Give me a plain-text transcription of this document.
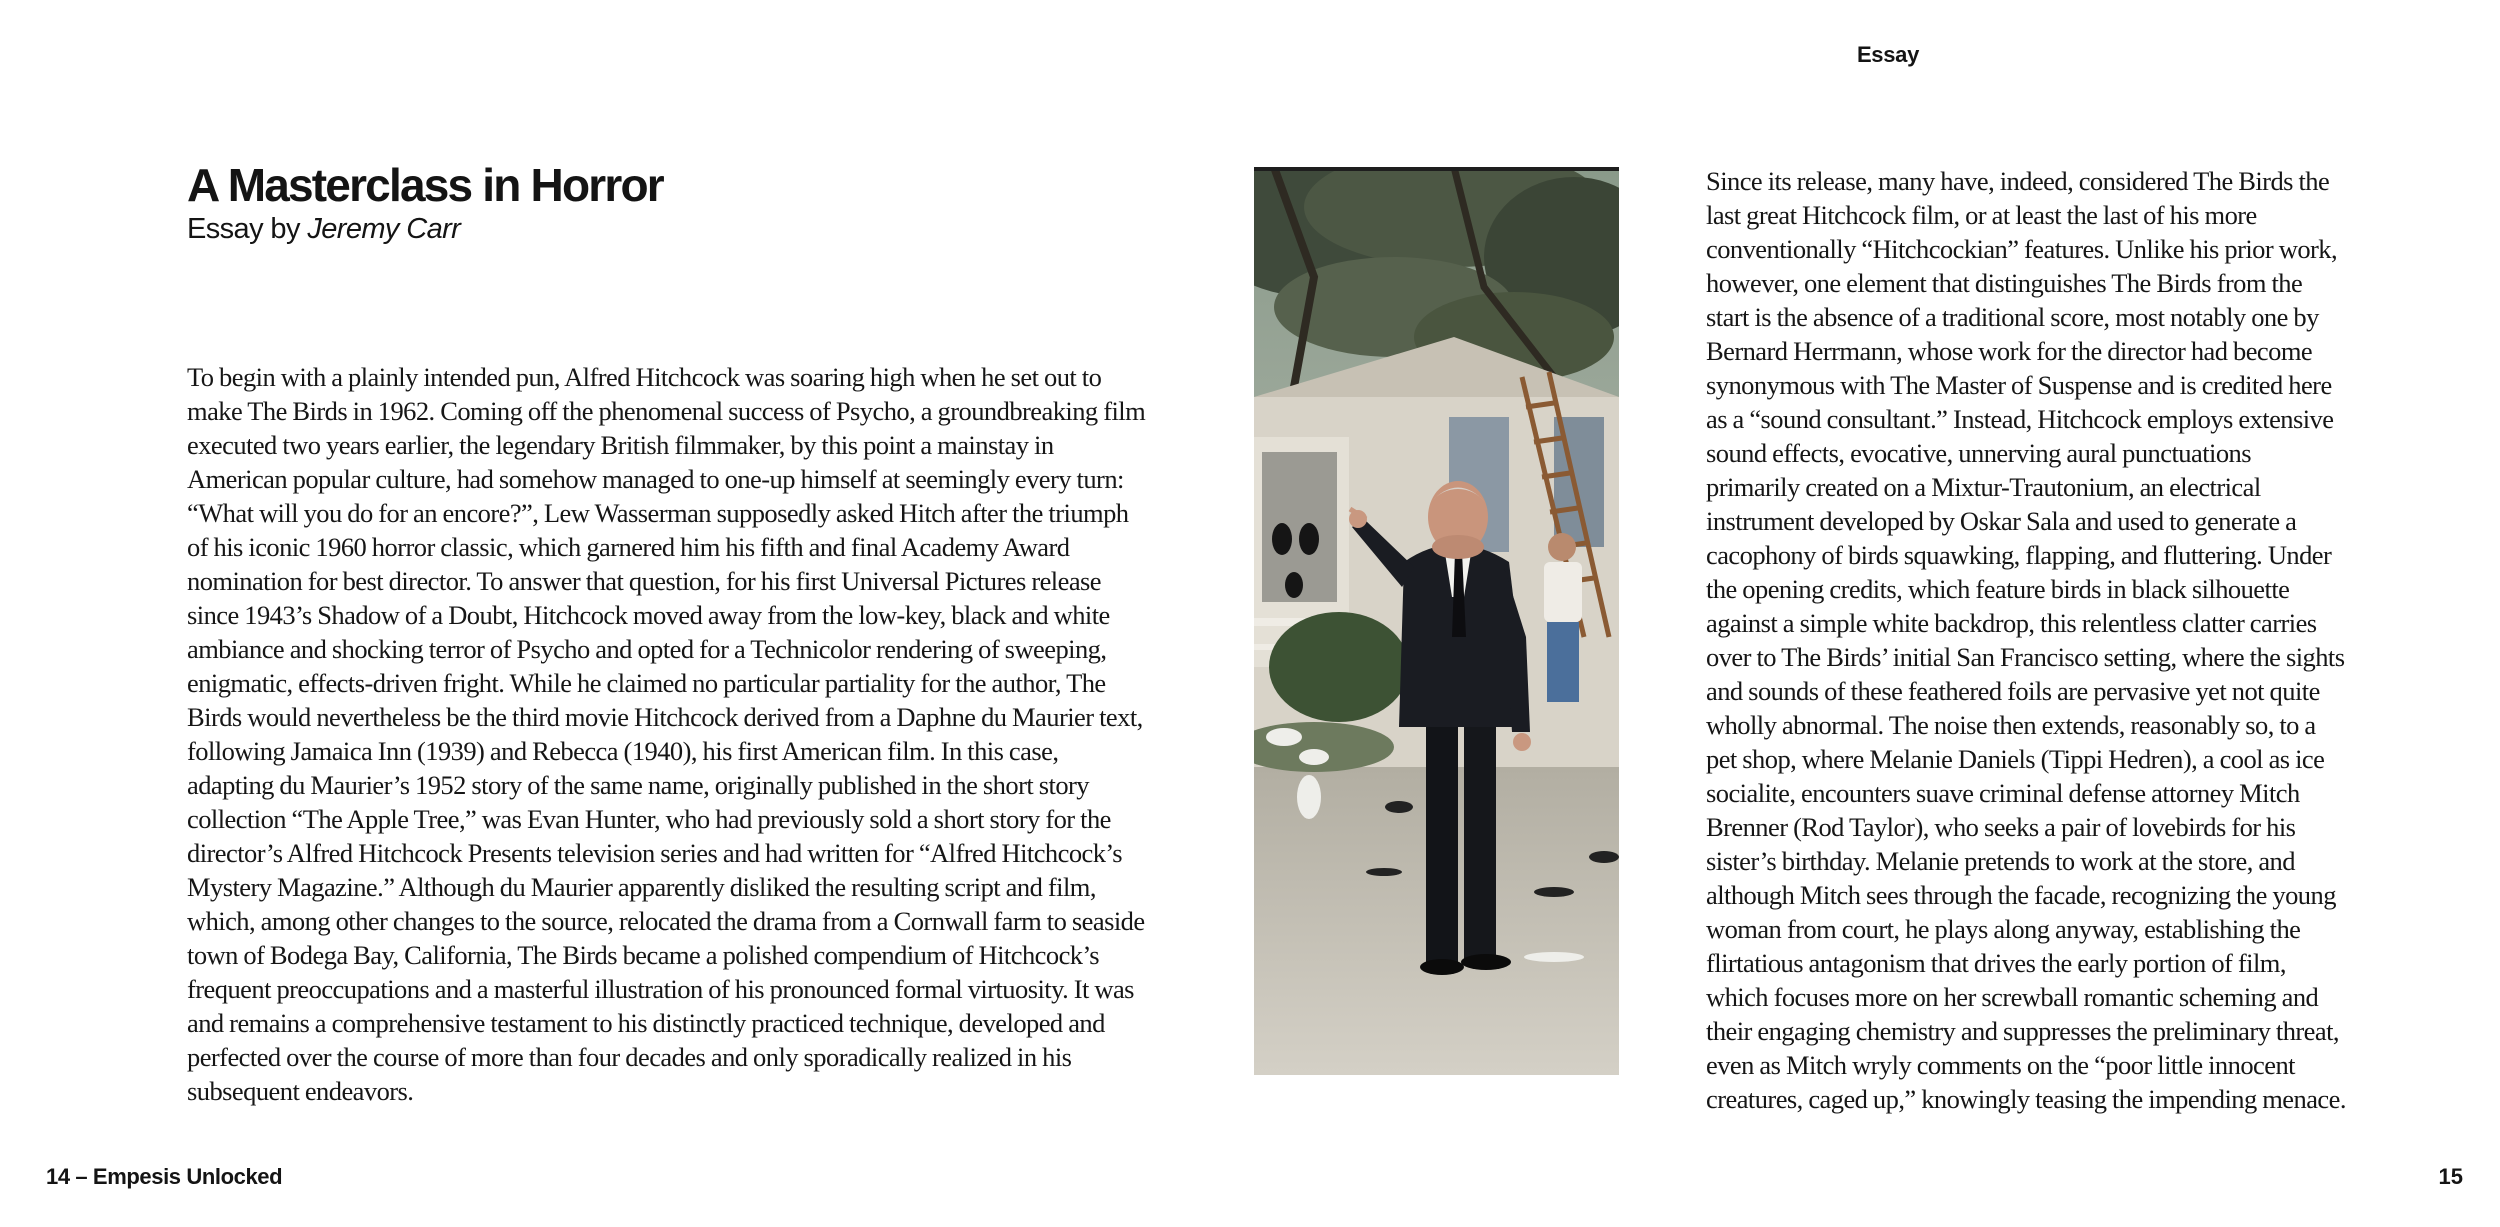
Essay
A Masterclass in Horror

Essay by Jeremy Carr

To begin with a plainly intended pun, Alfred Hitchcock was soaring high when he set out to make The Birds in 1962. Coming off the phenomenal success of Psycho, a groundbreaking film executed two years earlier, the legendary British filmmaker, by this point a mainstay in American popular culture, had somehow managed to one-up himself at seemingly every turn: “What will you do for an encore?”, Lew Wasserman supposedly asked Hitch after the triumph of his iconic 1960 horror classic, which garnered him his fifth and final Academy Award nomination for best director. To answer that question, for his first Universal Pictures release since 1943’s Shadow of a Doubt, Hitchcock moved away from the low-key, black and white ambiance and shocking terror of Psycho and opted for a Technicolor rendering of sweeping, enigmatic, effects-driven fright. While he claimed no particular partiality for the author, The Birds would nevertheless be the third movie Hitchcock derived from a Daphne du Maurier text, following Jamaica Inn (1939) and Rebecca (1940), his first American film. In this case, adapting du Maurier’s 1952 story of the same name, originally published in the short story collection “The Apple Tree,” was Evan Hunter, who had previously sold a short story for the director’s Alfred Hitchcock Presents television series and had written for “Alfred Hitchcock’s Mystery Magazine.” Although du Maurier apparently disliked the resulting script and film, which, among other changes to the source, relocated the drama from a Cornwall farm to seaside town of Bodega Bay, California, The Birds became a polished compendium of Hitchcock’s frequent preoccupations and a masterful illustration of his pronounced formal virtuosity. It was and remains a comprehensive testament to his distinctly practiced technique, developed and perfected over the course of more than four decades and only sporadically realized in his subsequent endeavors.

Since its release, many have, indeed, considered The Birds the last great Hitchcock film, or at least the last of his more conventionally “Hitchcockian” features. Unlike his prior work, however, one element that distinguishes The Birds from the start is the absence of a traditional score, most notably one by Bernard Herrmann, whose work for the director had become synonymous with The Master of Suspense and is credited here as a “sound consultant.” Instead, Hitchcock employs extensive sound effects, evocative, unnerving aural punctuations primarily created on a Mixtur-Trautonium, an electrical instrument developed by Oskar Sala and used to generate a cacophony of birds squawking, flapping, and fluttering. Under the opening credits, which feature birds in black silhouette against a simple white backdrop, this relentless clatter carries over to The Birds’ initial San Francisco setting, where the sights and sounds of these feathered foils are pervasive yet not quite wholly abnormal. The noise then extends, reasonably so, to a pet shop, where Melanie Daniels (Tippi Hedren), a cool as ice socialite, encounters suave criminal defense attorney Mitch Brenner (Rod Taylor), who seeks a pair of lovebirds for his sister’s birthday. Melanie pretends to work at the store, and although Mitch sees through the facade, recognizing the young woman from court, he plays along anyway, establishing the flirtatious antagonism that drives the early portion of film, which focuses more on her screwball romantic scheming and their engaging chemistry and suppresses the preliminary threat, even as Mitch wryly comments on the “poor little innocent creatures, caged up,” knowingly teasing the impending menace.

14 – Empesis Unlocked	15
